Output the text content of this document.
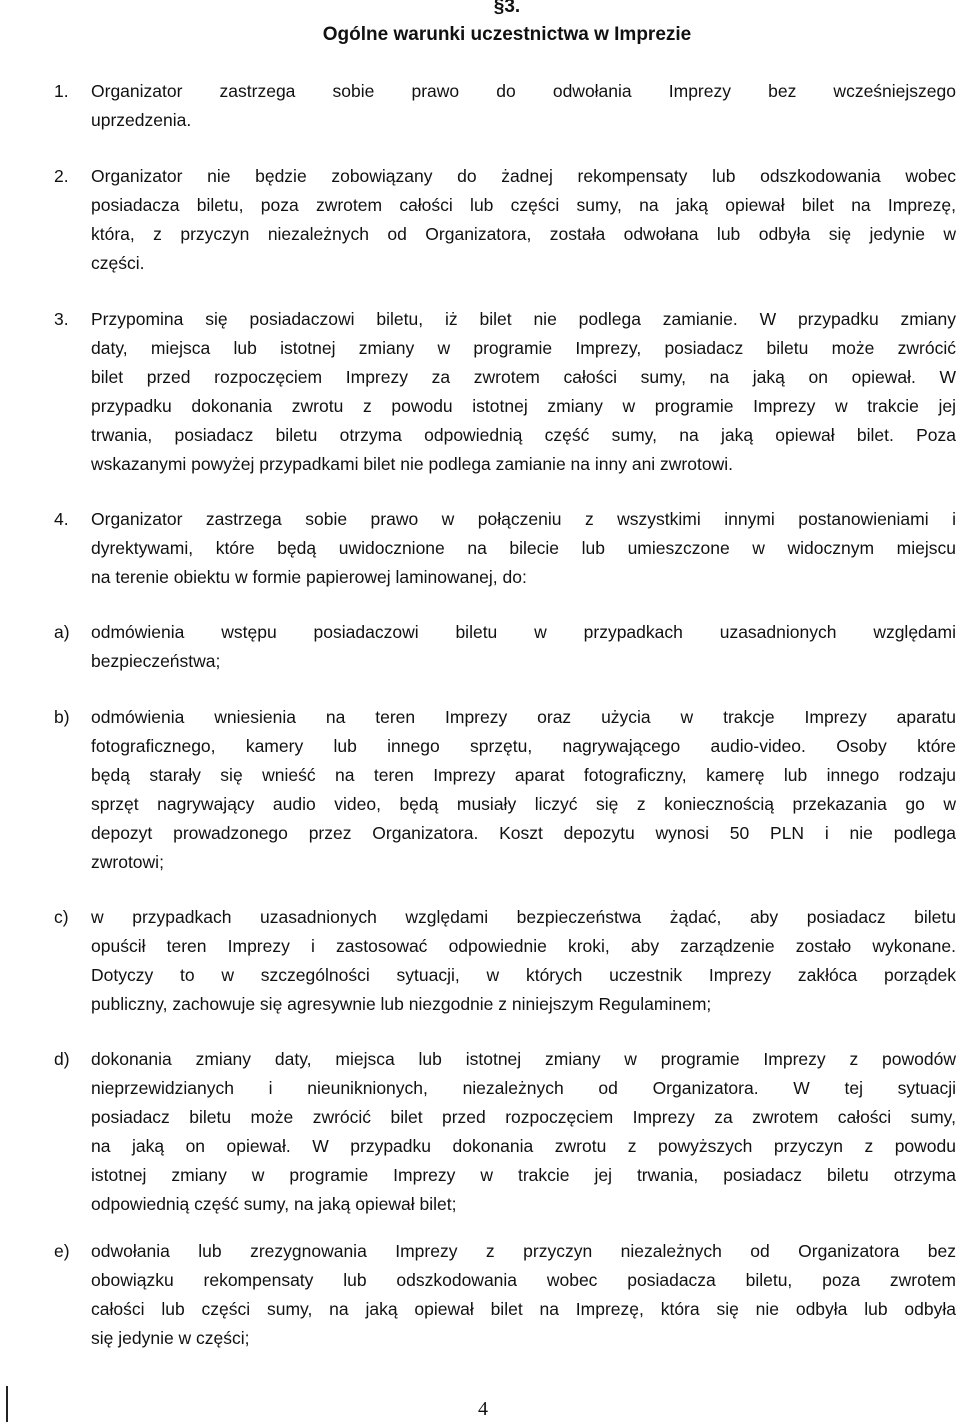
§3.
Ogólne warunki uczestnictwa w Imprezie
1.	Organizator zastrzega sobie prawo do odwołania Imprezy bez wcześniejszego
uprzedzenia.
2.	Organizator nie będzie zobowiązany do żadnej rekompensaty lub odszkodowania wobec
posiadacza biletu, poza zwrotem całości lub części sumy, na jaką opiewał bilet na Imprezę,
która, z przyczyn niezależnych od Organizatora, została odwołana lub odbyła się jedynie w
części.
3.	Przypomina się posiadaczowi biletu, iż bilet nie podlega zamianie. W przypadku zmiany
daty, miejsca lub istotnej zmiany w programie Imprezy, posiadacz biletu może zwrócić
bilet przed rozpoczęciem Imprezy za zwrotem całości sumy, na jaką on opiewał. W
przypadku dokonania zwrotu z powodu istotnej zmiany w programie Imprezy w trakcie jej
trwania, posiadacz biletu otrzyma odpowiednią część sumy, na jaką opiewał bilet. Poza
wskazanymi powyżej przypadkami bilet nie podlega zamianie na inny ani zwrotowi.
4.	Organizator zastrzega sobie prawo w połączeniu z wszystkimi innymi postanowieniami i
dyrektywami, które będą uwidocznione na bilecie lub umieszczone w widocznym miejscu
na terenie obiektu w formie papierowej laminowanej, do:
a)	odmówienia wstępu posiadaczowi biletu w przypadkach uzasadnionych względami
bezpieczeństwa;
b)	odmówienia wniesienia na teren Imprezy oraz użycia w trakcje Imprezy aparatu
fotograficznego, kamery lub innego sprzętu, nagrywającego audio-video. Osoby które
będą starały się wnieść na teren Imprezy aparat fotograficzny, kamerę lub innego rodzaju
sprzęt nagrywający audio video, będą musiały liczyć się z koniecznością przekazania go w
depozyt prowadzonego przez Organizatora. Koszt depozytu wynosi 50 PLN i nie podlega
zwrotowi;
c)	w przypadkach uzasadnionych względami bezpieczeństwa żądać, aby posiadacz biletu
opuścił teren Imprezy i zastosować odpowiednie kroki, aby zarządzenie zostało wykonane.
Dotyczy to w szczególności sytuacji, w których uczestnik Imprezy zakłóca porządek
publiczny, zachowuje się agresywnie lub niezgodnie z niniejszym Regulaminem;
d)	dokonania zmiany daty, miejsca lub istotnej zmiany w programie Imprezy z powodów
nieprzewidzianych i nieuniknionych, niezależnych od Organizatora. W tej sytuacji
posiadacz biletu może zwrócić bilet przed rozpoczęciem Imprezy za zwrotem całości sumy,
na jaką on opiewał. W przypadku dokonania zwrotu z powyższych przyczyn z powodu
istotnej zmiany w programie Imprezy w trakcie jej trwania, posiadacz biletu otrzyma
odpowiednią część sumy, na jaką opiewał bilet;
e)	odwołania lub zrezygnowania Imprezy z przyczyn niezależnych od Organizatora bez
obowiązku rekompensaty lub odszkodowania wobec posiadacza biletu, poza zwrotem
całości lub części sumy, na jaką opiewał bilet na Imprezę, która się nie odbyła lub odbyła
się jedynie w części;
4
